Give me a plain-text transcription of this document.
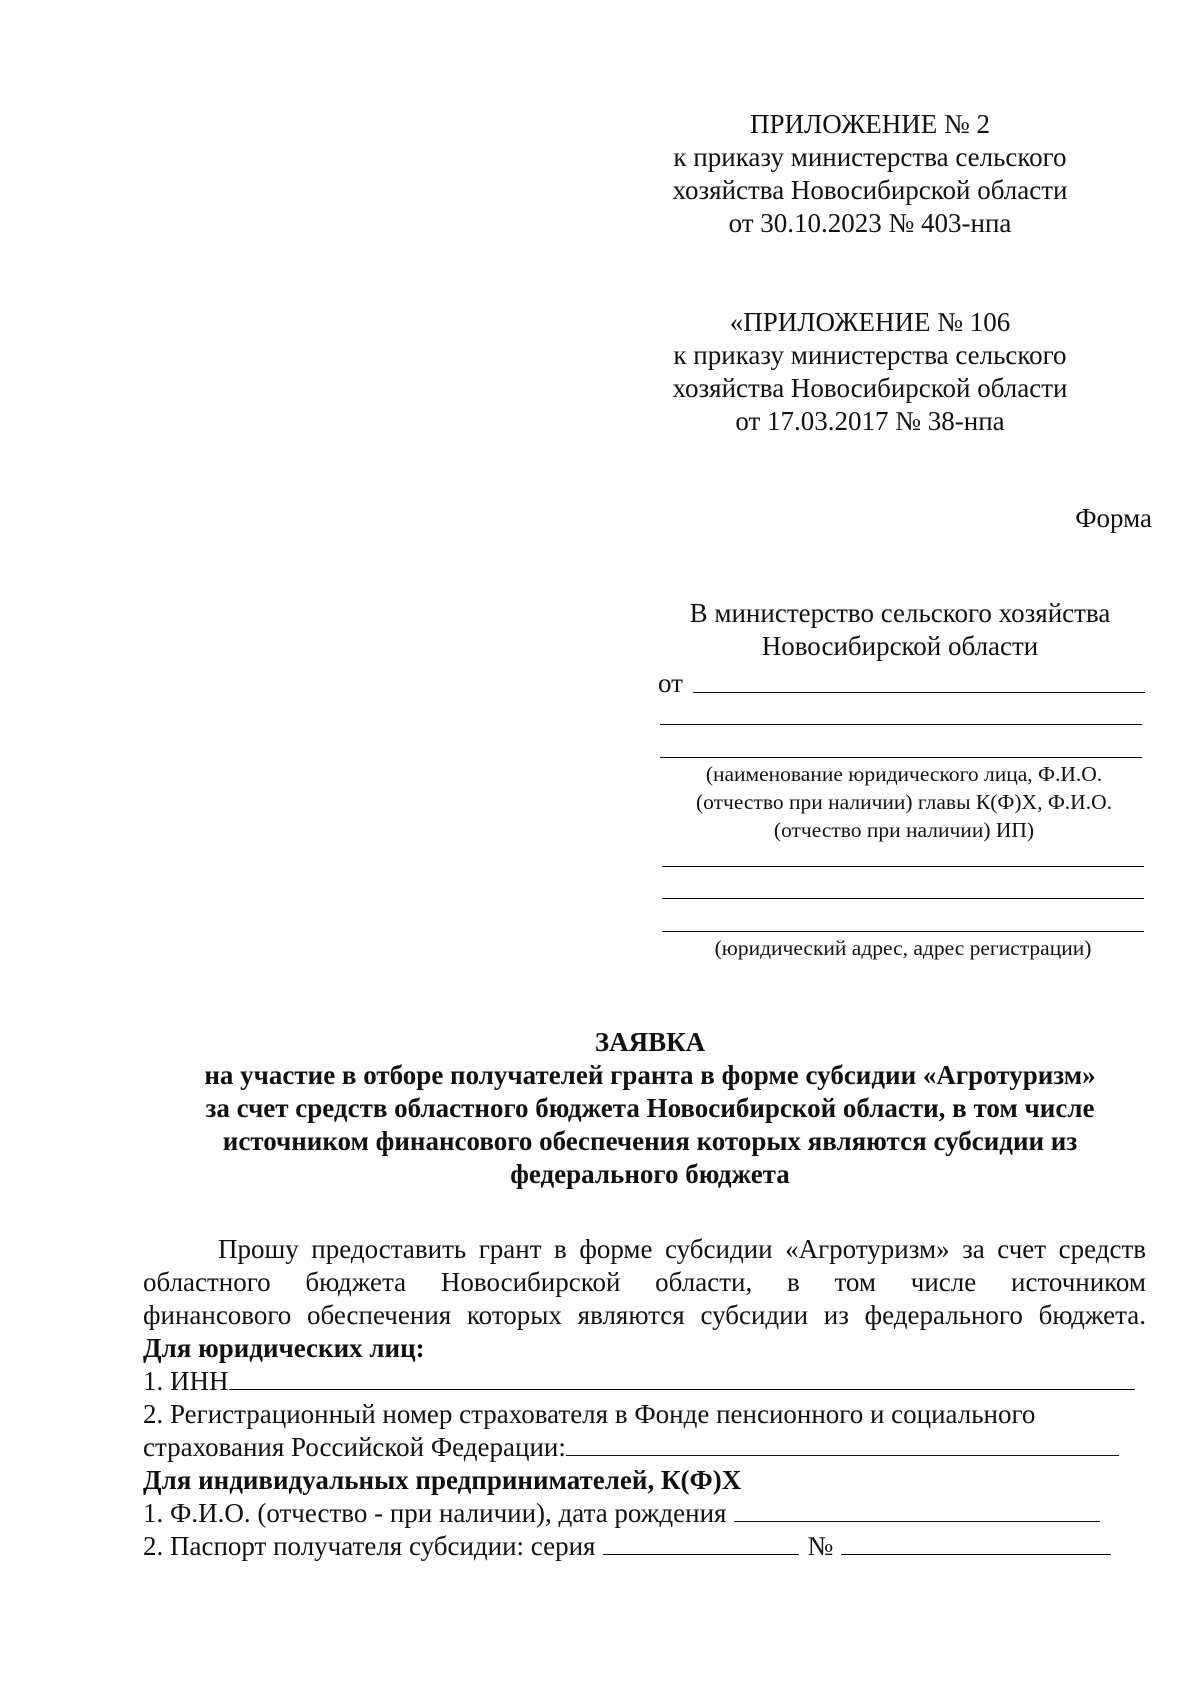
ПРИЛОЖЕНИЕ № 2
к приказу министерства сельского
хозяйства Новосибирской области
от 30.10.2023 № 403-нпа
«ПРИЛОЖЕНИЕ № 106
к приказу министерства сельского
хозяйства Новосибирской области
от 17.03.2017 № 38-нпа
Форма
В министерство сельского хозяйства
Новосибирской области
от
(наименование юридического лица, Ф.И.О.
(отчество при наличии) главы К(Ф)Х, Ф.И.О.
(отчество при наличии) ИП)
(юридический адрес, адрес регистрации)
ЗАЯВКА
на участие в отборе получателей гранта в форме субсидии «Агротуризм»
за счет средств областного бюджета Новосибирской области, в том числе
источником финансового обеспечения которых являются субсидии из
федерального бюджета
Прошу предоставить грант в форме субсидии «Агротуризм» за счет средств
областного бюджета Новосибирской области, в том числе источником
финансового обеспечения которых являются субсидии из федерального бюджета.
Для юридических лиц:
1. ИНН
2. Регистрационный номер страхователя в Фонде пенсионного и социального
страхования Российской Федерации:
Для индивидуальных предпринимателей, К(Ф)Х
1. Ф.И.О. (отчество - при наличии), дата рождения
2. Паспорт получателя субсидии: серия	№
